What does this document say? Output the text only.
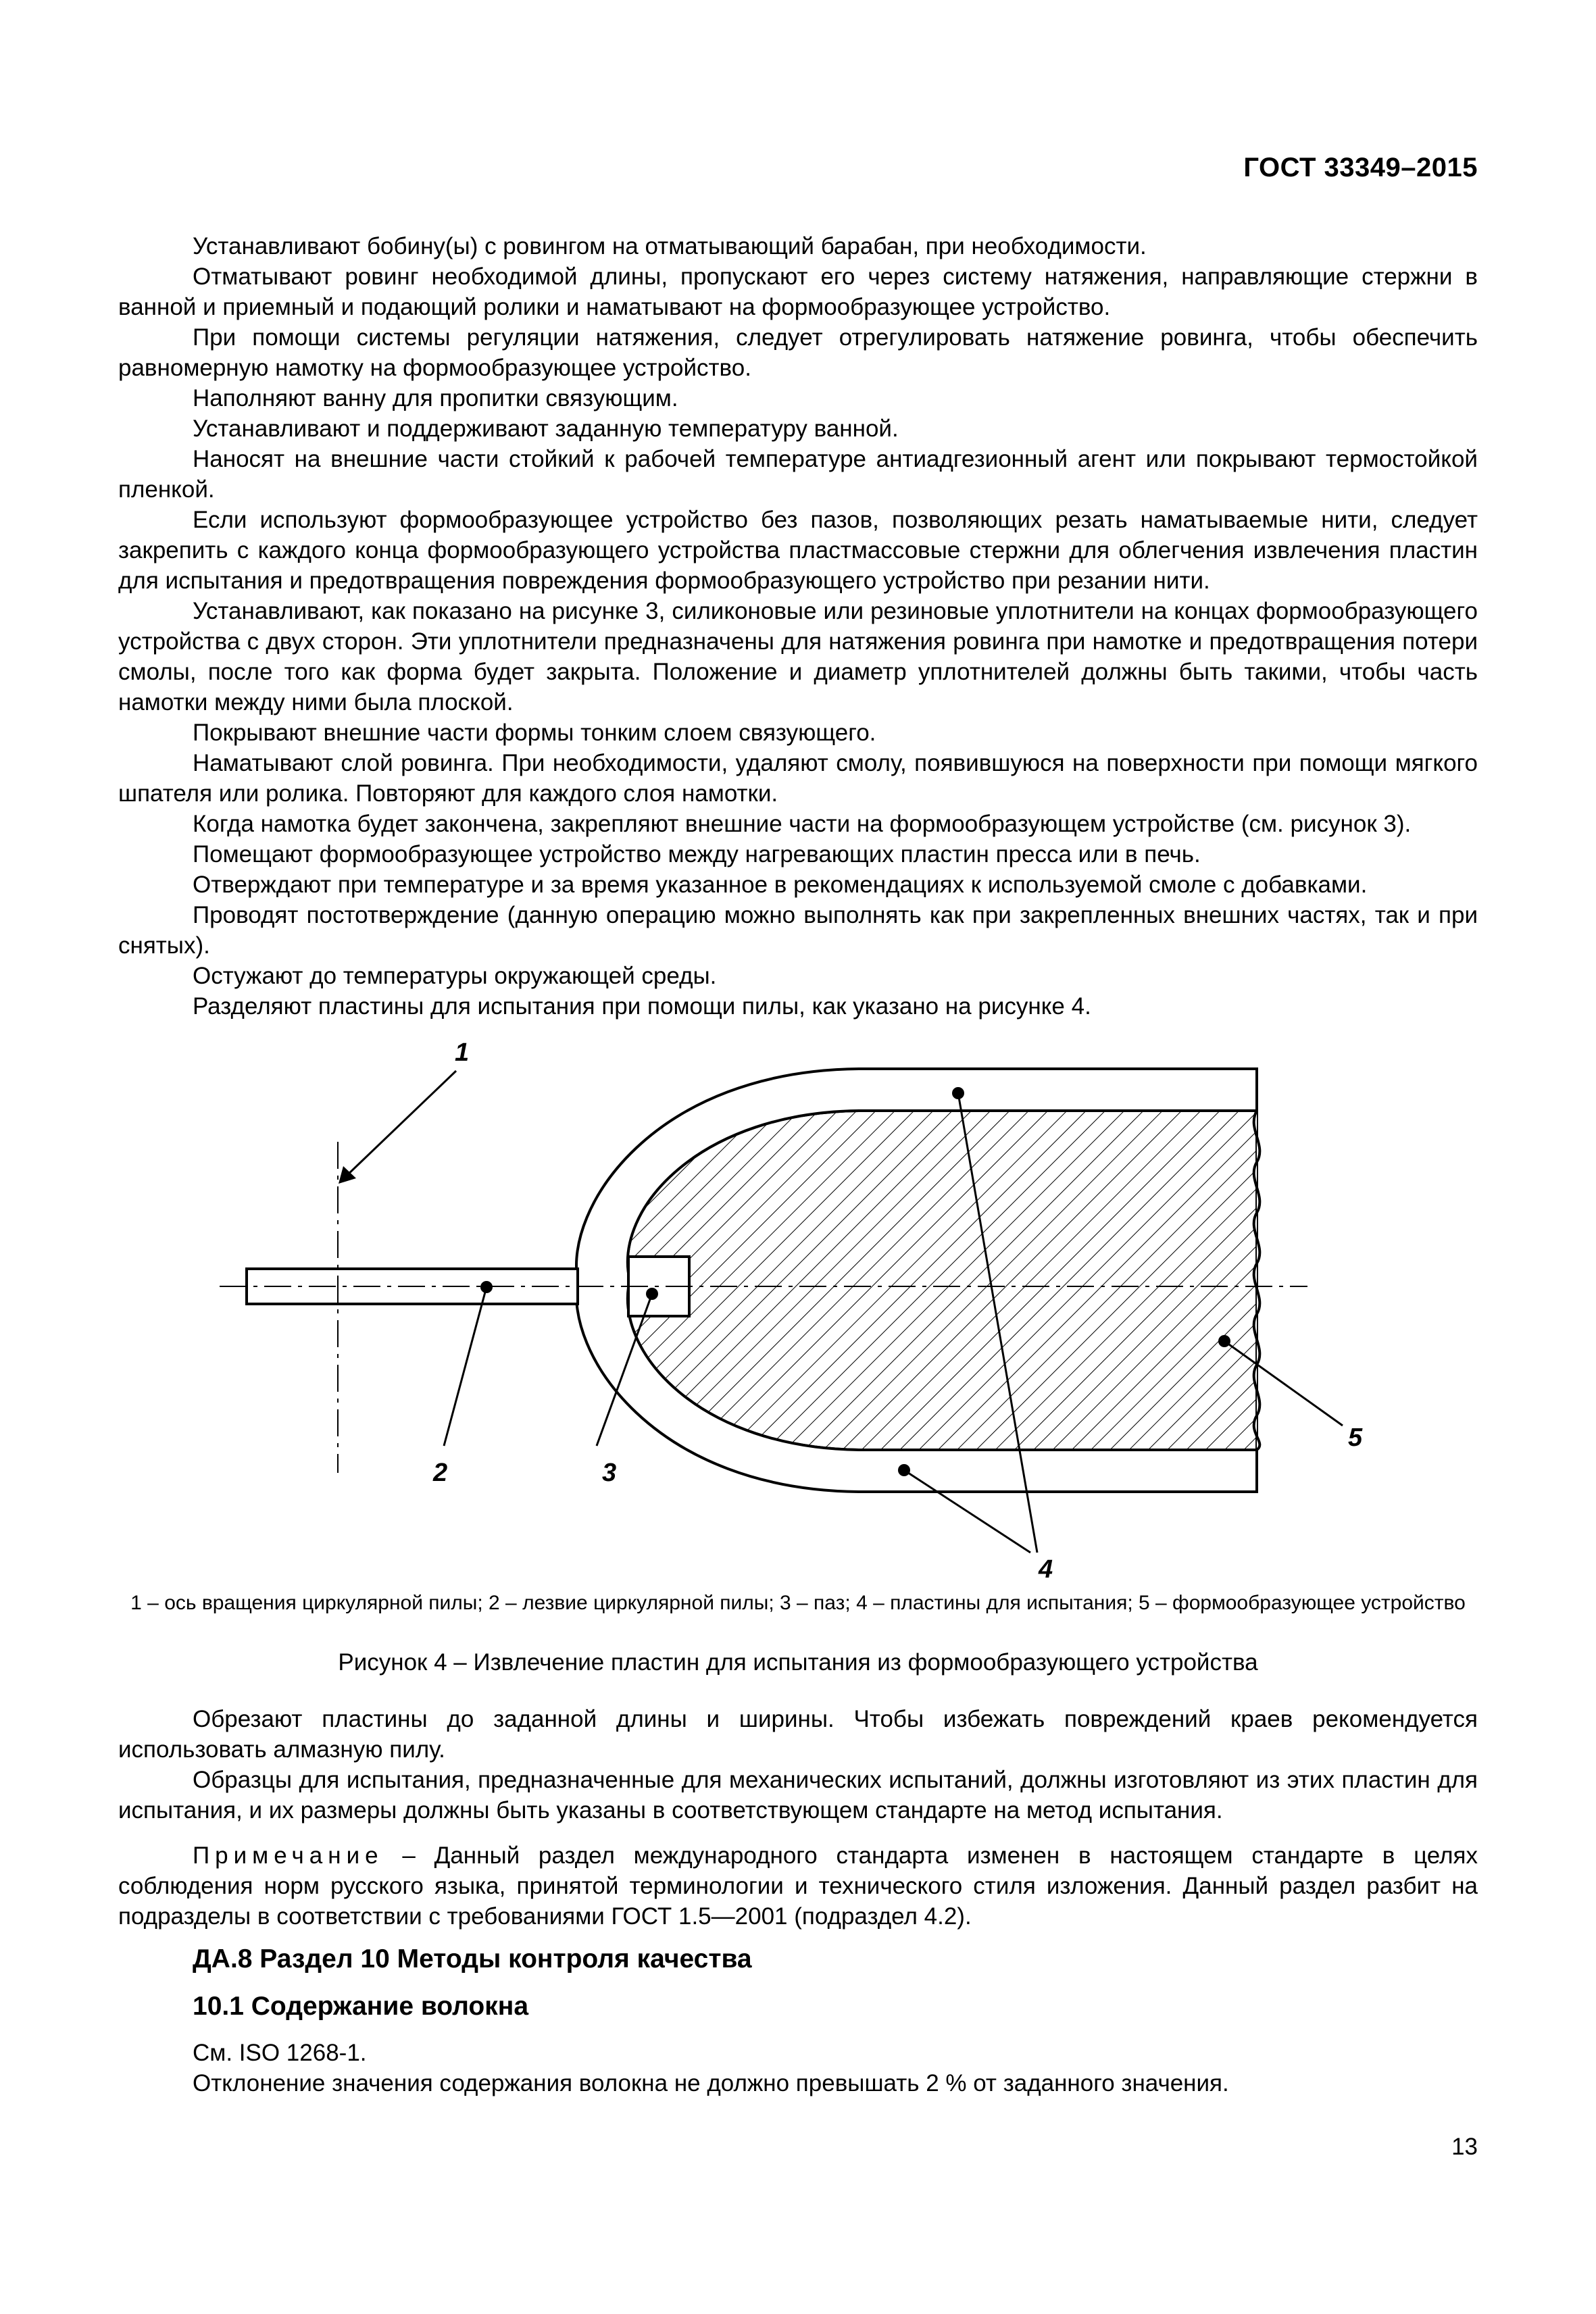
ГОСТ 33349–2015

Устанавливают бобину(ы) с ровингом на отматывающий барабан, при необходимости.

Отматывают ровинг необходимой длины, пропускают его через систему натяжения, направляющие стержни в ванной и приемный и подающий ролики и наматывают на формообразующее устройство.

При помощи системы регуляции натяжения, следует отрегулировать натяжение ровинга, чтобы обеспечить равномерную намотку на формообразующее устройство.

Наполняют ванну для пропитки связующим.

Устанавливают и поддерживают заданную температуру ванной.

Наносят на внешние части стойкий к рабочей температуре антиадгезионный агент или покрывают термостойкой пленкой.

Если используют формообразующее устройство без пазов, позволяющих резать наматываемые нити, следует закрепить с каждого конца формообразующего устройства пластмассовые стержни для облегчения извлечения пластин для испытания и предотвращения повреждения формообразующего устройство при резании нити.

Устанавливают, как показано на рисунке 3, силиконовые или резиновые уплотнители на концах формообразующего устройства с двух сторон. Эти уплотнители предназначены для натяжения ровинга при намотке и предотвращения потери смолы, после того как форма будет закрыта. Положение и диаметр уплотнителей должны быть такими, чтобы часть намотки между ними была плоской.

Покрывают внешние части формы тонким слоем связующего.

Наматывают слой ровинга. При необходимости, удаляют смолу, появившуюся на поверхности при помощи мягкого шпателя или ролика. Повторяют для каждого слоя намотки.

Когда намотка будет закончена, закрепляют внешние части на формообразующем устройстве (см. рисунок 3).

Помещают формообразующее устройство между нагревающих пластин пресса или в печь.

Отверждают при температуре и за время указанное в рекомендациях к используемой смоле с добавками.

Проводят постотверждение (данную операцию можно выполнять как при закрепленных внешних частях, так и при снятых).

Остужают до температуры окружающей среды.

Разделяют пластины для испытания при помощи пилы, как указано на рисунке 4.

1
2	3
4
5
1 – ось вращения циркулярной пилы; 2 – лезвие циркулярной пилы; 3 – паз; 4 – пластины для испытания; 5 – формообразующее устройство
Рисунок 4 – Извлечение пластин для испытания из формообразующего устройства

Обрезают пластины до заданной длины и ширины. Чтобы избежать повреждений краев рекомендуется использовать алмазную пилу.

Образцы для испытания, предназначенные для механических испытаний, должны изготовляют из этих пластин для испытания, и их размеры должны быть указаны в соответствующем стандарте на метод испытания.

Примечание – Данный раздел международного стандарта изменен в настоящем стандарте в целях соблюдения норм русского языка, принятой терминологии и технического стиля изложения. Данный раздел разбит на подразделы в соответствии с требованиями ГОСТ 1.5—2001 (подраздел 4.2).

ДА.8 Раздел 10 Методы контроля качества

10.1 Содержание волокна

См. ISO 1268-1.

Отклонение значения содержания волокна не должно превышать 2 % от заданного значения.

13
